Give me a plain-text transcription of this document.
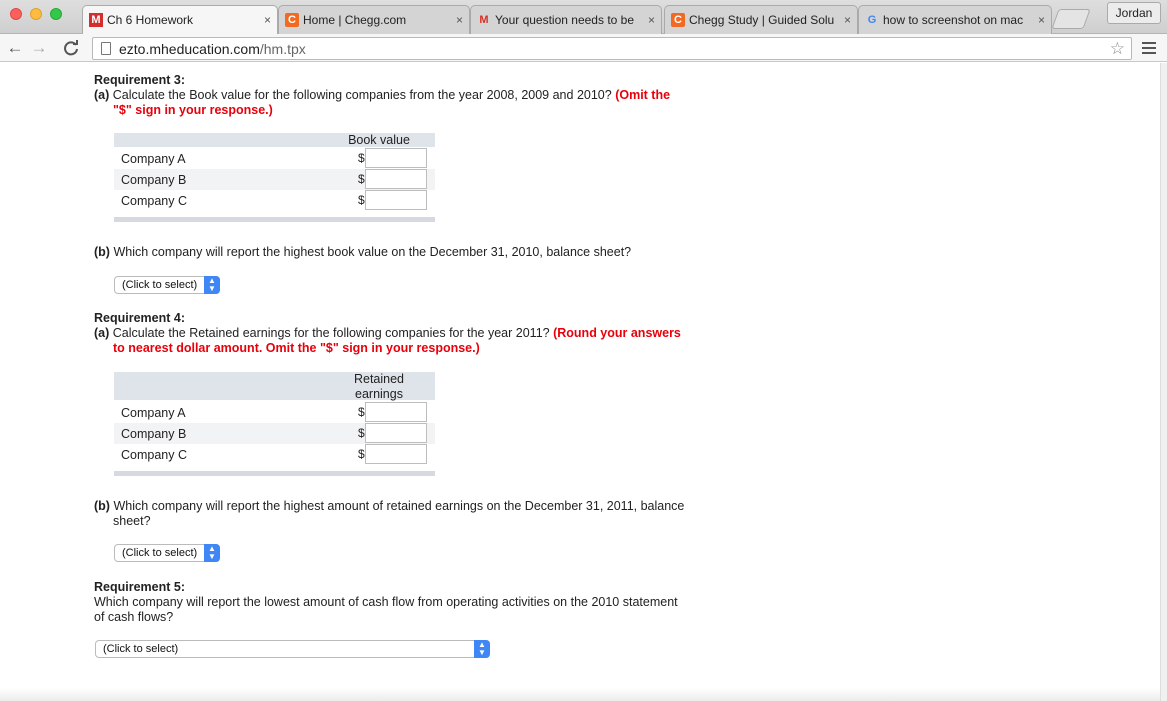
M Ch 6 Homework	× C Home | Chegg.com	× M Your question needs to be	× C Chegg Study | Guided Solu × G how to screenshot on mac	×	Jordan
← →	ezto.mheducation.com/hm.tpx	☆
Requirement 3:
(a) Calculate the Book value for the following companies from the year 2008, 2009 and 2010? (Omit the
"$" sign in your response.)
Book value
Company A	$
Company B	$
Company C	$
(b) Which company will report the highest book value on the December 31, 2010, balance sheet?
(Click to select) ▲
▼
Requirement 4:
(a) Calculate the Retained earnings for the following companies for the year 2011? (Round your answers
to nearest dollar amount. Omit the "$" sign in your response.)
Retained
earnings
Company A	$
Company B	$
Company C	$
(b) Which company will report the highest amount of retained earnings on the December 31, 2011, balance
sheet?
(Click to select) ▲
▼
Requirement 5:
Which company will report the lowest amount of cash flow from operating activities on the 2010 statement
of cash flows?
(Click to select)	▲
▼
